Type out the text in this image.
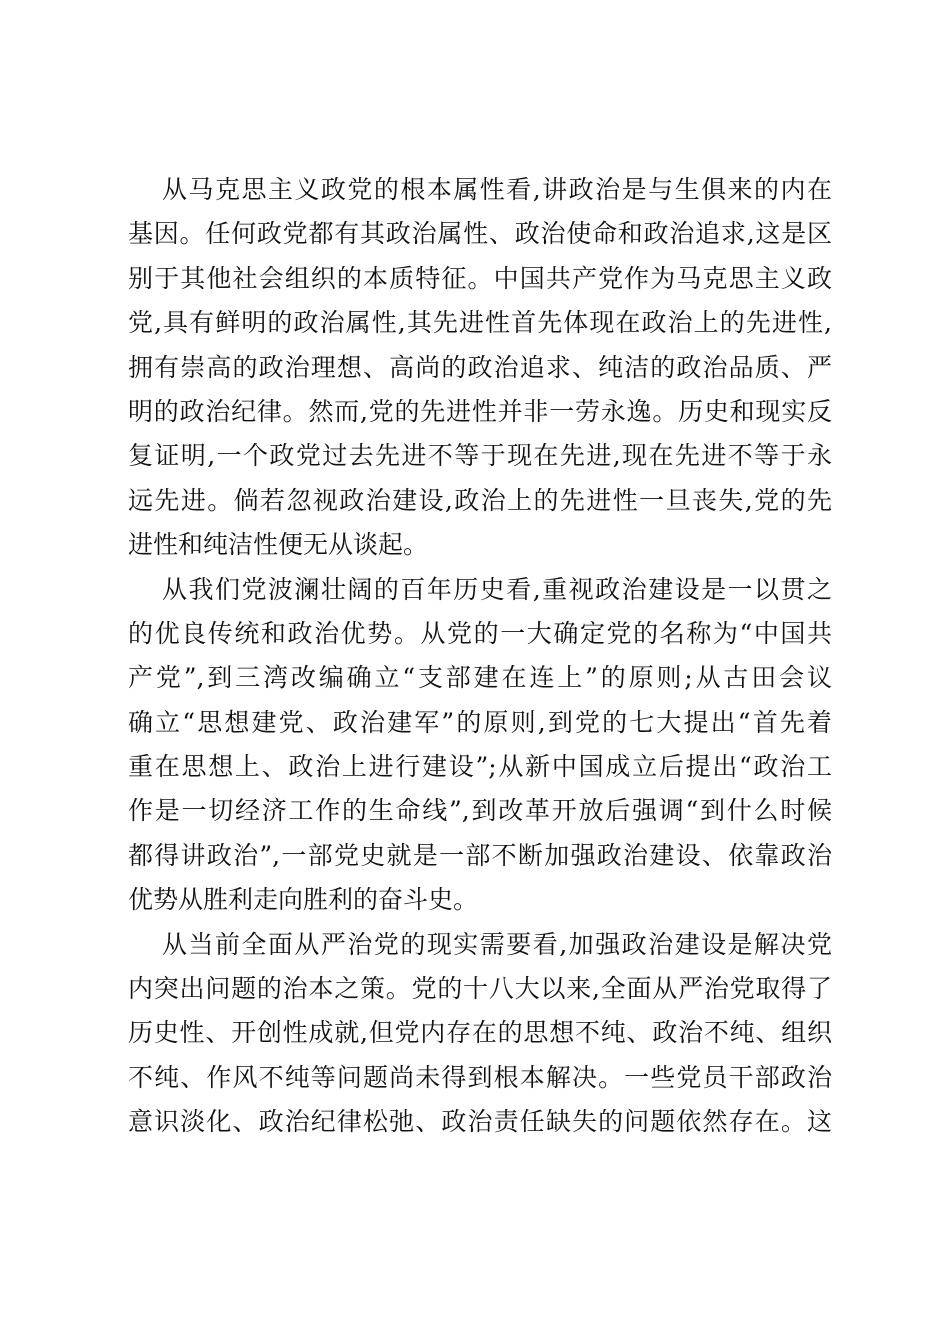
从马克思主义政党的根本属性看,讲政治是与生俱来的内在
基因。任何政党都有其政治属性、政治使命和政治追求,这是区
别于其他社会组织的本质特征。中国共产党作为马克思主义政
党,具有鲜明的政治属性,其先进性首先体现在政治上的先进性,
拥有崇高的政治理想、高尚的政治追求、纯洁的政治品质、严
明的政治纪律。然而,党的先进性并非一劳永逸。历史和现实反
复证明,一个政党过去先进不等于现在先进,现在先进不等于永
远先进。倘若忽视政治建设,政治上的先进性一旦丧失,党的先
进性和纯洁性便无从谈起。
从我们党波澜壮阔的百年历史看,重视政治建设是一以贯之
的优良传统和政治优势。从党的一大确定党的名称为“中国共
产党”,到三湾改编确立“支部建在连上”的原则;从古田会议
确立“思想建党、政治建军”的原则,到党的七大提出“首先着
重在思想上、政治上进行建设”;从新中国成立后提出“政治工
作是一切经济工作的生命线”,到改革开放后强调“到什么时候
都得讲政治”,一部党史就是一部不断加强政治建设、依靠政治
优势从胜利走向胜利的奋斗史。
从当前全面从严治党的现实需要看,加强政治建设是解决党
内突出问题的治本之策。党的十八大以来,全面从严治党取得了
历史性、开创性成就,但党内存在的思想不纯、政治不纯、组织
不纯、作风不纯等问题尚未得到根本解决。一些党员干部政治
意识淡化、政治纪律松弛、政治责任缺失的问题依然存在。这
